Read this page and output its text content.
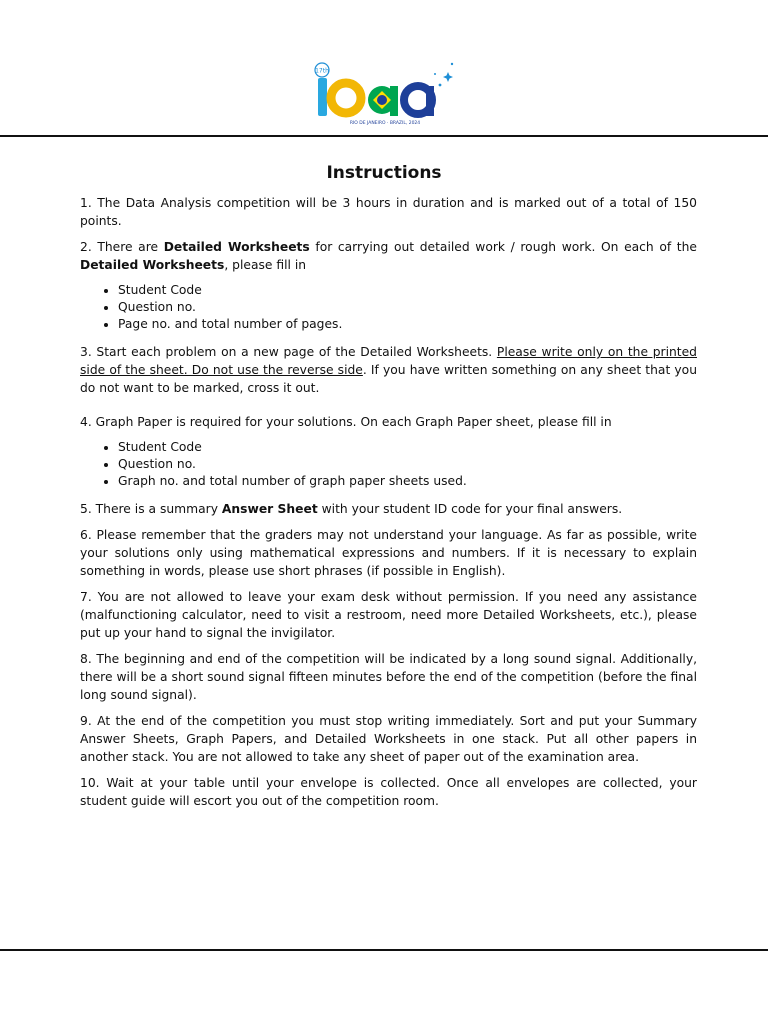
17th
RIO DE JANEIRO · BRAZIL, 2024
Instructions

1. The Data Analysis competition will be 3 hours in duration and is marked out of a total of 150 points.

2. There are Detailed Worksheets for carrying out detailed work / rough work. On each of the Detailed Worksheets, please fill in

• Student Code
• Question no.
• Page no. and total number of pages.

3. Start each problem on a new page of the Detailed Worksheets. Please write only on the printed side of the sheet. Do not use the reverse side. If you have written something on any sheet that you do not want to be marked, cross it out.

4. Graph Paper is required for your solutions. On each Graph Paper sheet, please fill in

• Student Code
• Question no.
• Graph no. and total number of graph paper sheets used.

5. There is a summary Answer Sheet with your student ID code for your final answers.

6. Please remember that the graders may not understand your language. As far as possible, write your solutions only using mathematical expressions and numbers. If it is necessary to explain something in words, please use short phrases (if possible in English).

7. You are not allowed to leave your exam desk without permission. If you need any assistance (malfunctioning calculator, need to visit a restroom, need more Detailed Worksheets, etc.), please put up your hand to signal the invigilator.

8. The beginning and end of the competition will be indicated by a long sound signal. Additionally, there will be a short sound signal fifteen minutes before the end of the competition (before the final long sound signal).

9. At the end of the competition you must stop writing immediately. Sort and put your Summary Answer Sheets, Graph Papers, and Detailed Worksheets in one stack. Put all other papers in another stack. You are not allowed to take any sheet of paper out of the examination area.

10. Wait at your table until your envelope is collected. Once all envelopes are collected, your student guide will escort you out of the competition room.
